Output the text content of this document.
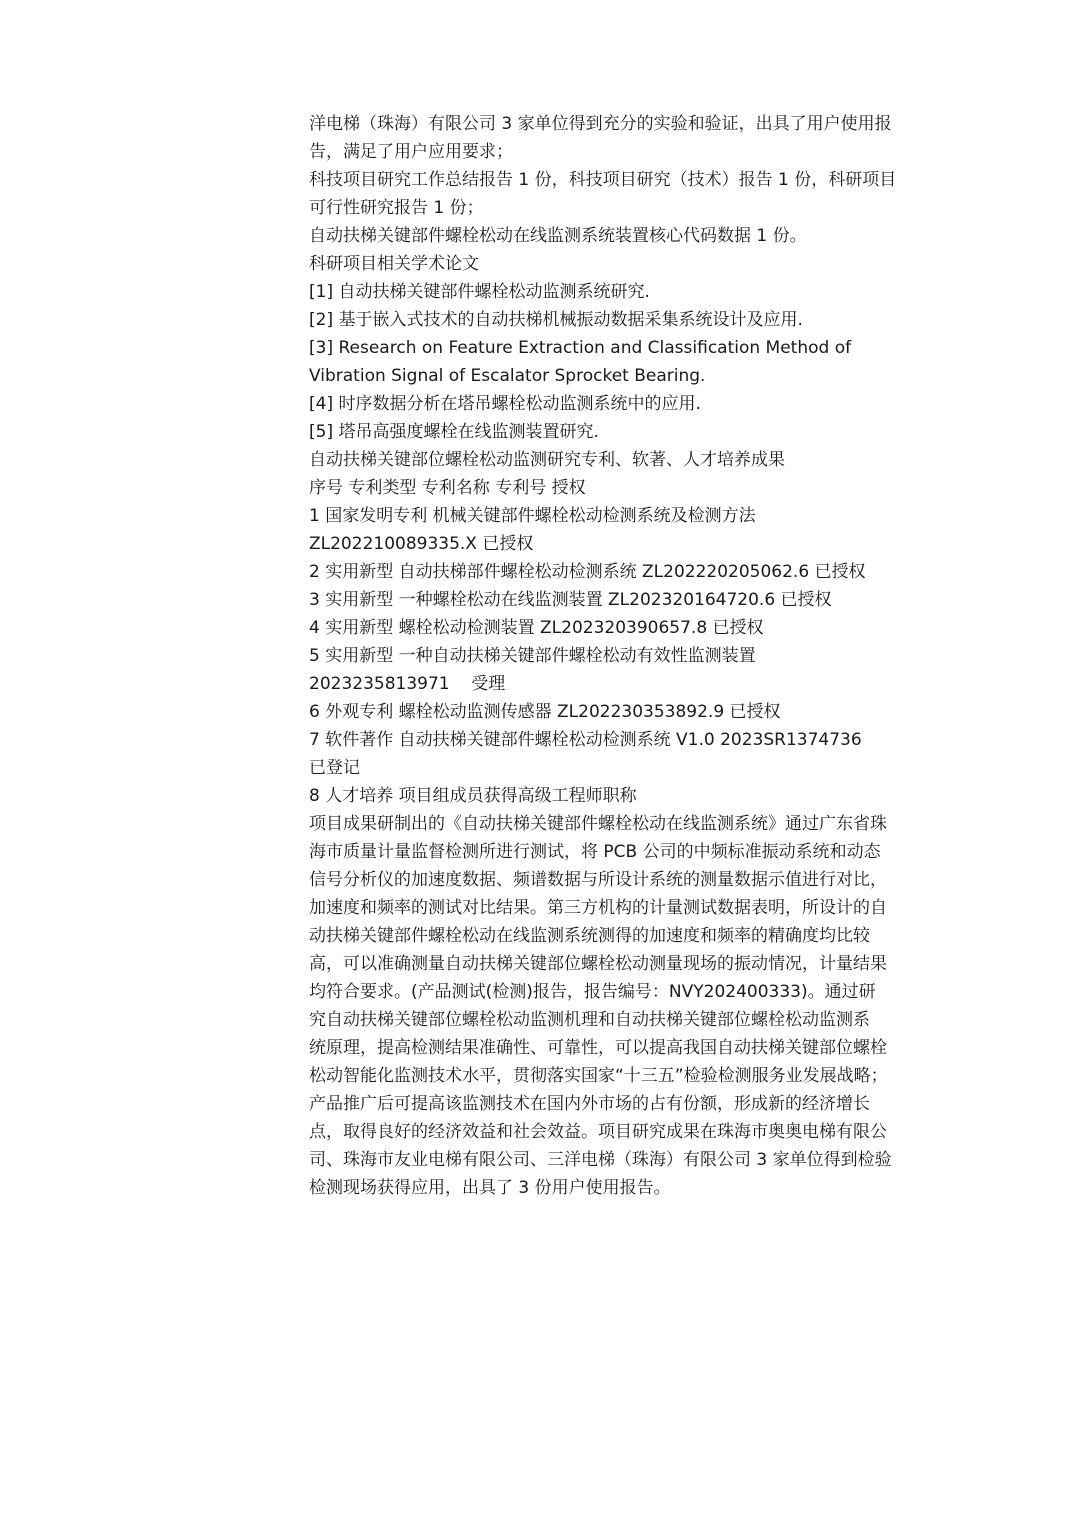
洋电梯（珠海）有限公司 3 家单位得到充分的实验和验证，出具了用户使用报
告，满足了用户应用要求；
科技项目研究工作总结报告 1 份，科技项目研究（技术）报告 1 份，科研项目
可行性研究报告 1 份；
自动扶梯关键部件螺栓松动在线监测系统装置核心代码数据 1 份。
科研项目相关学术论文
[1] 自动扶梯关键部件螺栓松动监测系统研究.
[2] 基于嵌入式技术的自动扶梯机械振动数据采集系统设计及应用.
[3] Research on Feature Extraction and Classification Method of
Vibration Signal of Escalator Sprocket Bearing.
[4] 时序数据分析在塔吊螺栓松动监测系统中的应用.
[5] 塔吊高强度螺栓在线监测装置研究.
自动扶梯关键部位螺栓松动监测研究专利、软著、人才培养成果
序号 专利类型 专利名称 专利号 授权
1 国家发明专利 机械关键部件螺栓松动检测系统及检测方法
ZL202210089335.X 已授权
2 实用新型 自动扶梯部件螺栓松动检测系统 ZL202220205062.6 已授权
3 实用新型 一种螺栓松动在线监测装置 ZL202320164720.6 已授权
4 实用新型 螺栓松动检测装置 ZL202320390657.8 已授权
5 实用新型 一种自动扶梯关键部件螺栓松动有效性监测装置
2023235813971    受理
6 外观专利 螺栓松动监测传感器 ZL202230353892.9 已授权
7 软件著作 自动扶梯关键部件螺栓松动检测系统 V1.0 2023SR1374736
已登记
8 人才培养 项目组成员获得高级工程师职称
项目成果研制出的《自动扶梯关键部件螺栓松动在线监测系统》通过广东省珠
海市质量计量监督检测所进行测试，将 PCB 公司的中频标准振动系统和动态
信号分析仪的加速度数据、频谱数据与所设计系统的测量数据示值进行对比，
加速度和频率的测试对比结果。第三方机构的计量测试数据表明，所设计的自
动扶梯关键部件螺栓松动在线监测系统测得的加速度和频率的精确度均比较
高，可以准确测量自动扶梯关键部位螺栓松动测量现场的振动情况，计量结果
均符合要求。(产品测试(检测)报告，报告编号：NVY202400333)。通过研
究自动扶梯关键部位螺栓松动监测机理和自动扶梯关键部位螺栓松动监测系
统原理，提高检测结果准确性、可靠性，可以提高我国自动扶梯关键部位螺栓
松动智能化监测技术水平，贯彻落实国家“十三五”检验检测服务业发展战略；
产品推广后可提高该监测技术在国内外市场的占有份额，形成新的经济增长
点，取得良好的经济效益和社会效益。项目研究成果在珠海市奥奥电梯有限公
司、珠海市友业电梯有限公司、三洋电梯（珠海）有限公司 3 家单位得到检验
检测现场获得应用，出具了 3 份用户使用报告。
